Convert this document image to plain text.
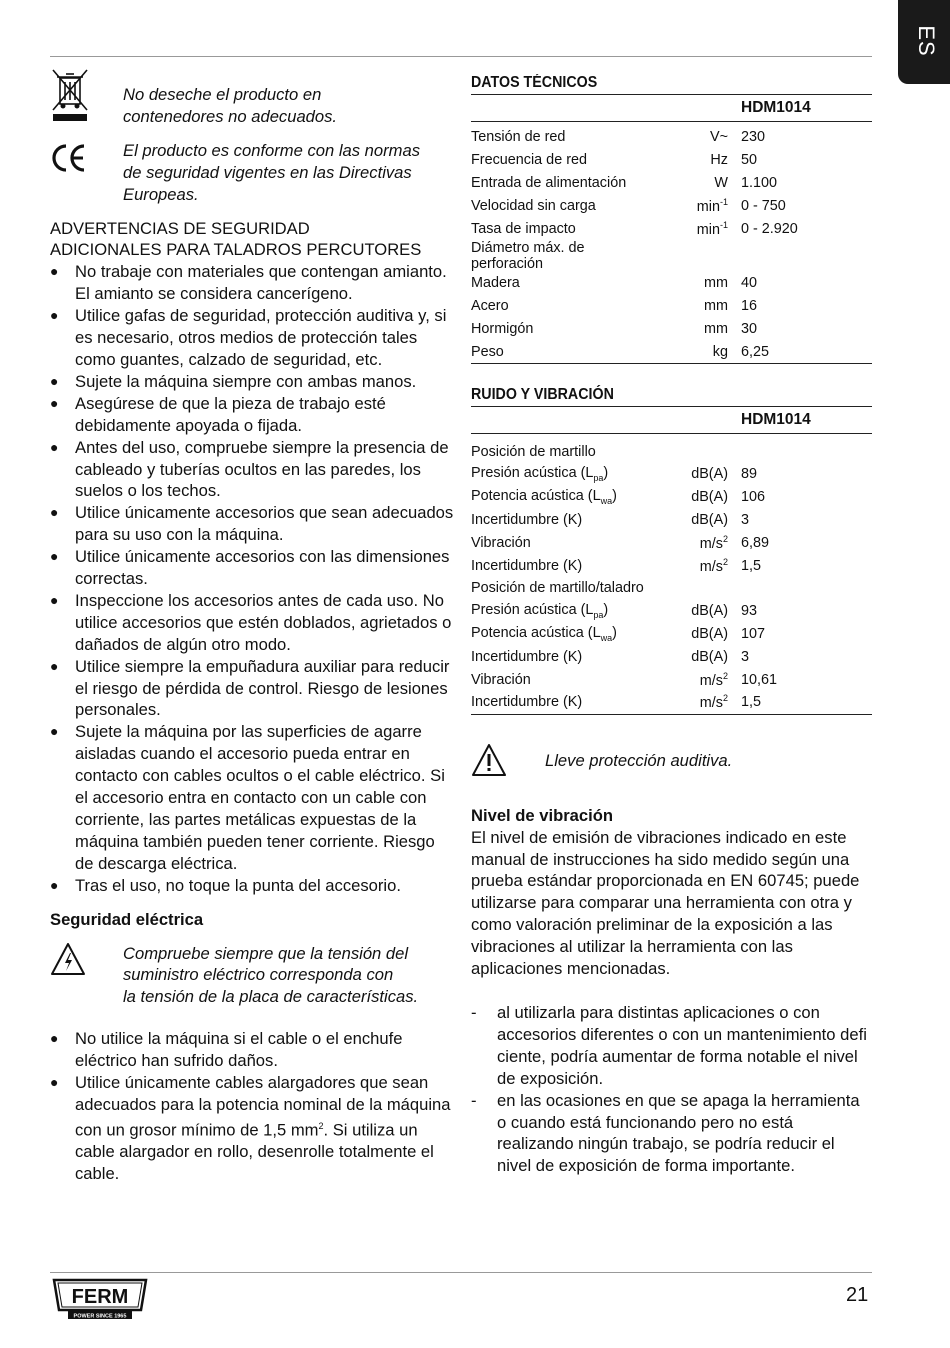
ES
No deseche el producto en
contenedores no adecuados.
El producto es conforme con las normas
de seguridad vigentes en las Directivas
Europeas.
ADVERTENCIAS DE SEGURIDAD
ADICIONALES PARA TALADROS PERCUTORES
● No trabaje con materiales que contengan amianto. El amianto se considera cancerígeno.
● Utilice gafas de seguridad, protección auditiva y, si es necesario, otros medios de protección tales como guantes, calzado de seguridad, etc.
● Sujete la máquina siempre con ambas manos.
● Asegúrese de que la pieza de trabajo esté debidamente apoyada o fijada.
● Antes del uso, compruebe siempre la presencia de cableado y tuberías ocultos en las paredes, los suelos o los techos.
● Utilice únicamente accesorios que sean adecuados para su uso con la máquina.
● Utilice únicamente accesorios con las dimensiones correctas.
● Inspeccione los accesorios antes de cada uso. No utilice accesorios que estén doblados, agrietados o dañados de algún otro modo.
● Utilice siempre la empuñadura auxiliar para reducir el riesgo de pérdida de control. Riesgo de lesiones personales.
● Sujete la máquina por las superficies de agarre aisladas cuando el accesorio pueda entrar en contacto con cables ocultos o el cable eléctrico. Si el accesorio entra en contacto con un cable con corriente, las partes metálicas expuestas de la máquina también pueden tener corriente. Riesgo de descarga eléctrica.
● Tras el uso, no toque la punta del accesorio.
Seguridad eléctrica
Compruebe siempre que la tensión del
suministro eléctrico corresponda con
la tensión de la placa de características.
● No utilice la máquina si el cable o el enchufe eléctrico han sufrido daños.
● Utilice únicamente cables alargadores que sean adecuados para la potencia nominal de la máquina con un grosor mínimo de 1,5 $mm^2$. Si utiliza un cable alargador en rollo, desenrolle totalmente el cable.
DATOS TÉCNICOS
HDM1014
Tensión de red	V~	230
Frecuencia de red	Hz	50
Entrada de alimentación	W	1.100
Velocidad sin carga	$\min^{-1}$	0 - 750
Tasa de impacto	$\min^{-1}$	0 - 2.920
Diámetro máx. de perforación		
Madera	mm	40
Acero	mm	16
Hormigón	mm	30
Peso	kg	6,25
RUIDO Y VIBRACIÓN
HDM1014
Posición de martillo		
Presión acústica $(L_{pa})$	dB(A)	89
Potencia acústica $(L_{wa})$	dB(A)	106
Incertidumbre (K)	dB(A)	3
Vibración	$m/s^2$	6,89
Incertidumbre (K)	$m/s^2$	1,5
Posición de martillo/taladro		
Presión acústica $(L_{pa})$	dB(A)	93
Potencia acústica $(L_{wa})$	dB(A)	107
Incertidumbre (K)	dB(A)	3
Vibración	$m/s^2$	10,61
Incertidumbre (K)	$m/s^2$	1,5
Lleve protección auditiva.
Nivel de vibración
El nivel de emisión de vibraciones indicado en este manual de instrucciones ha sido medido según una prueba estándar proporcionada en EN 60745; puede utilizarse para comparar una herramienta con otra y como valoración preliminar de la exposición a las vibraciones al utilizar la herramienta con las aplicaciones mencionadas.
- al utilizarla para distintas aplicaciones o con accesorios diferentes o con un mantenimiento defi ciente, podría aumentar de forma notable el nivel de exposición.
- en las ocasiones en que se apaga la herramienta o cuando está funcionando pero no está realizando ningún trabajo, se podría reducir el nivel de exposición de forma importante.
FERM
POWER SINCE 1965
21
